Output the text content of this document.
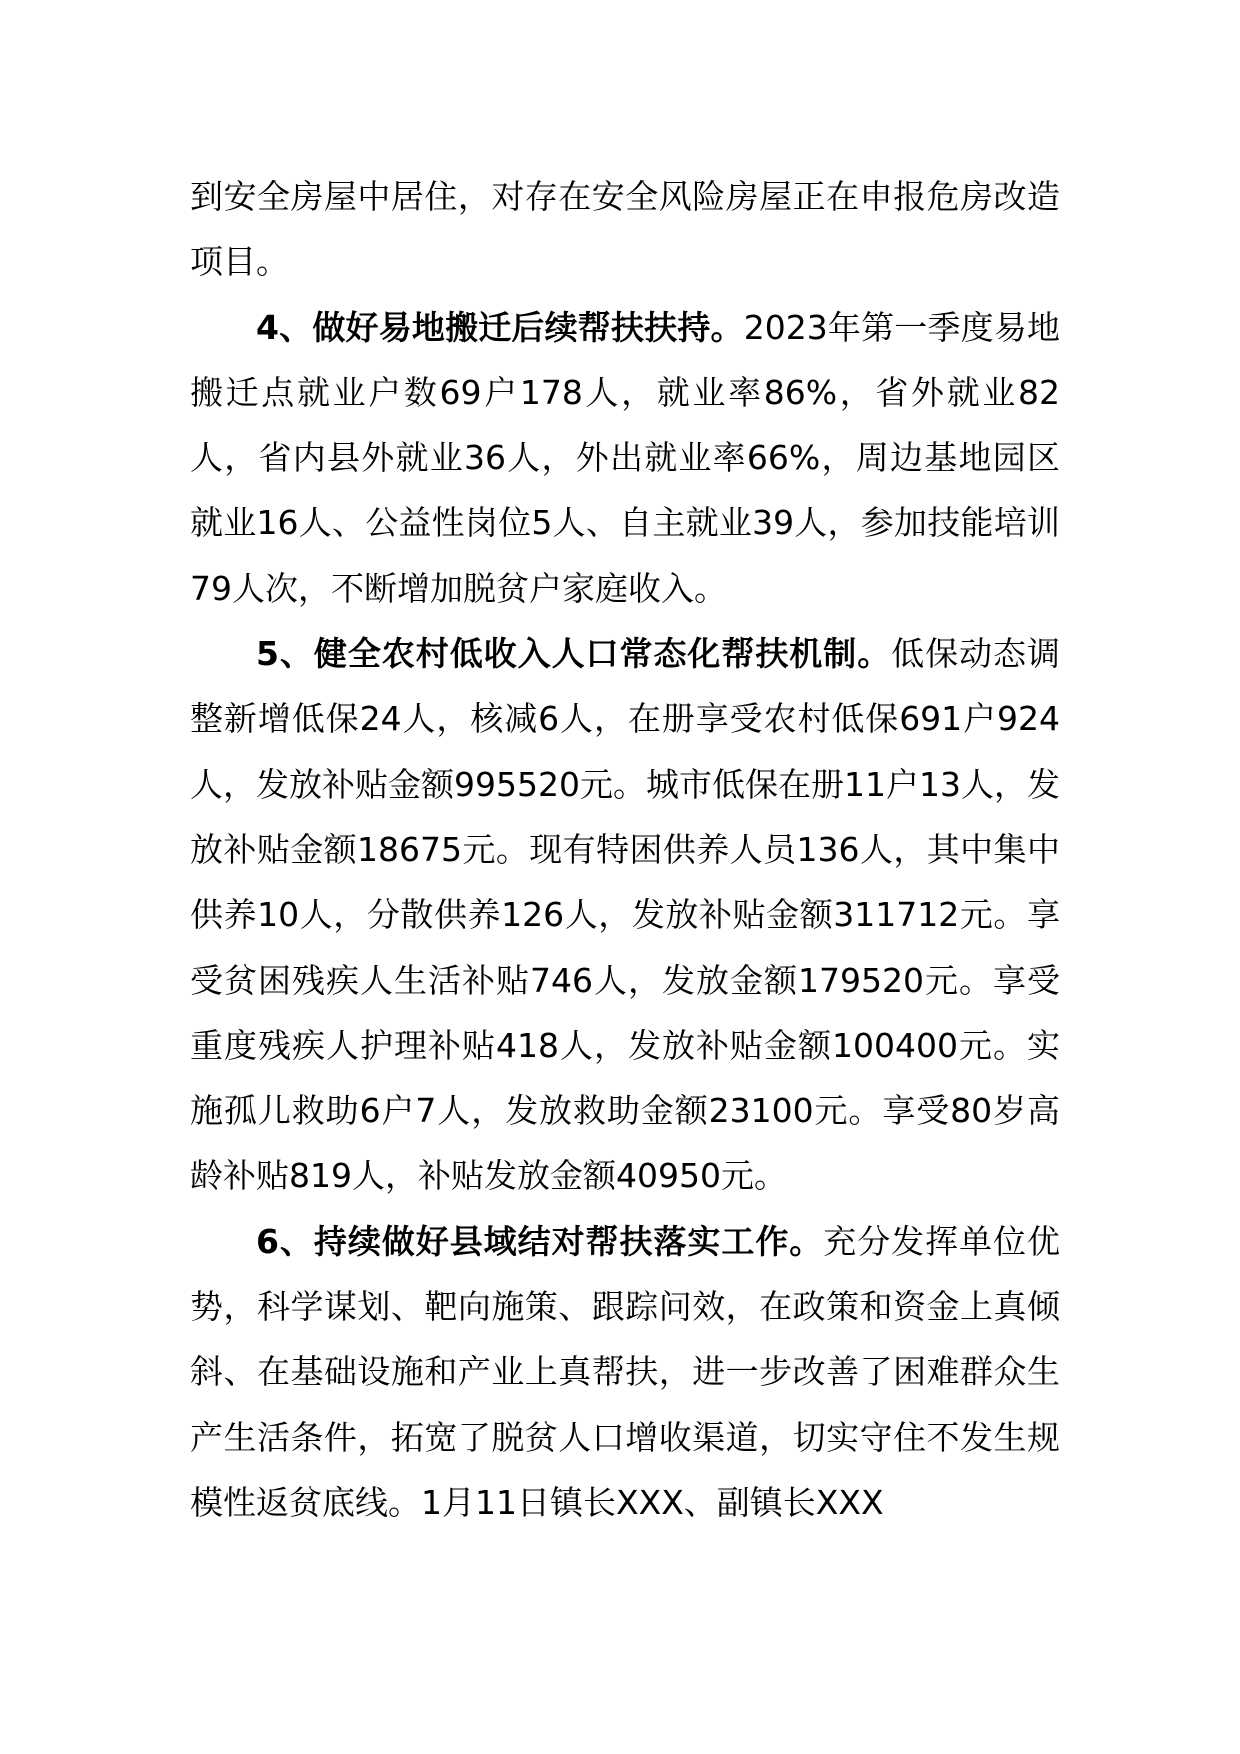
到安全房屋中居住，对存在安全风险房屋正在申报危房改造项目。

4、做好易地搬迁后续帮扶扶持。2023年第一季度易地搬迁点就业户数69户178人，就业率86%，省外就业82人，省内县外就业36人，外出就业率66%，周边基地园区就业16人、公益性岗位5人、自主就业39人，参加技能培训79人次，不断增加脱贫户家庭收入。

5、健全农村低收入人口常态化帮扶机制。低保动态调整新增低保24人，核减6人，在册享受农村低保691户924人，发放补贴金额995520元。城市低保在册11户13人，发放补贴金额18675元。现有特困供养人员136人，其中集中供养10人，分散供养126人，发放补贴金额311712元。享受贫困残疾人生活补贴746人，发放金额179520元。享受重度残疾人护理补贴418人，发放补贴金额100400元。实施孤儿救助6户7人，发放救助金额23100元。享受80岁高龄补贴819人，补贴发放金额40950元。

6、持续做好县域结对帮扶落实工作。充分发挥单位优势，科学谋划、靶向施策、跟踪问效，在政策和资金上真倾斜、在基础设施和产业上真帮扶，进一步改善了困难群众生产生活条件，拓宽了脱贫人口增收渠道，切实守住不发生规模性返贫底线。1月11日镇长XXX、副镇长XXX
